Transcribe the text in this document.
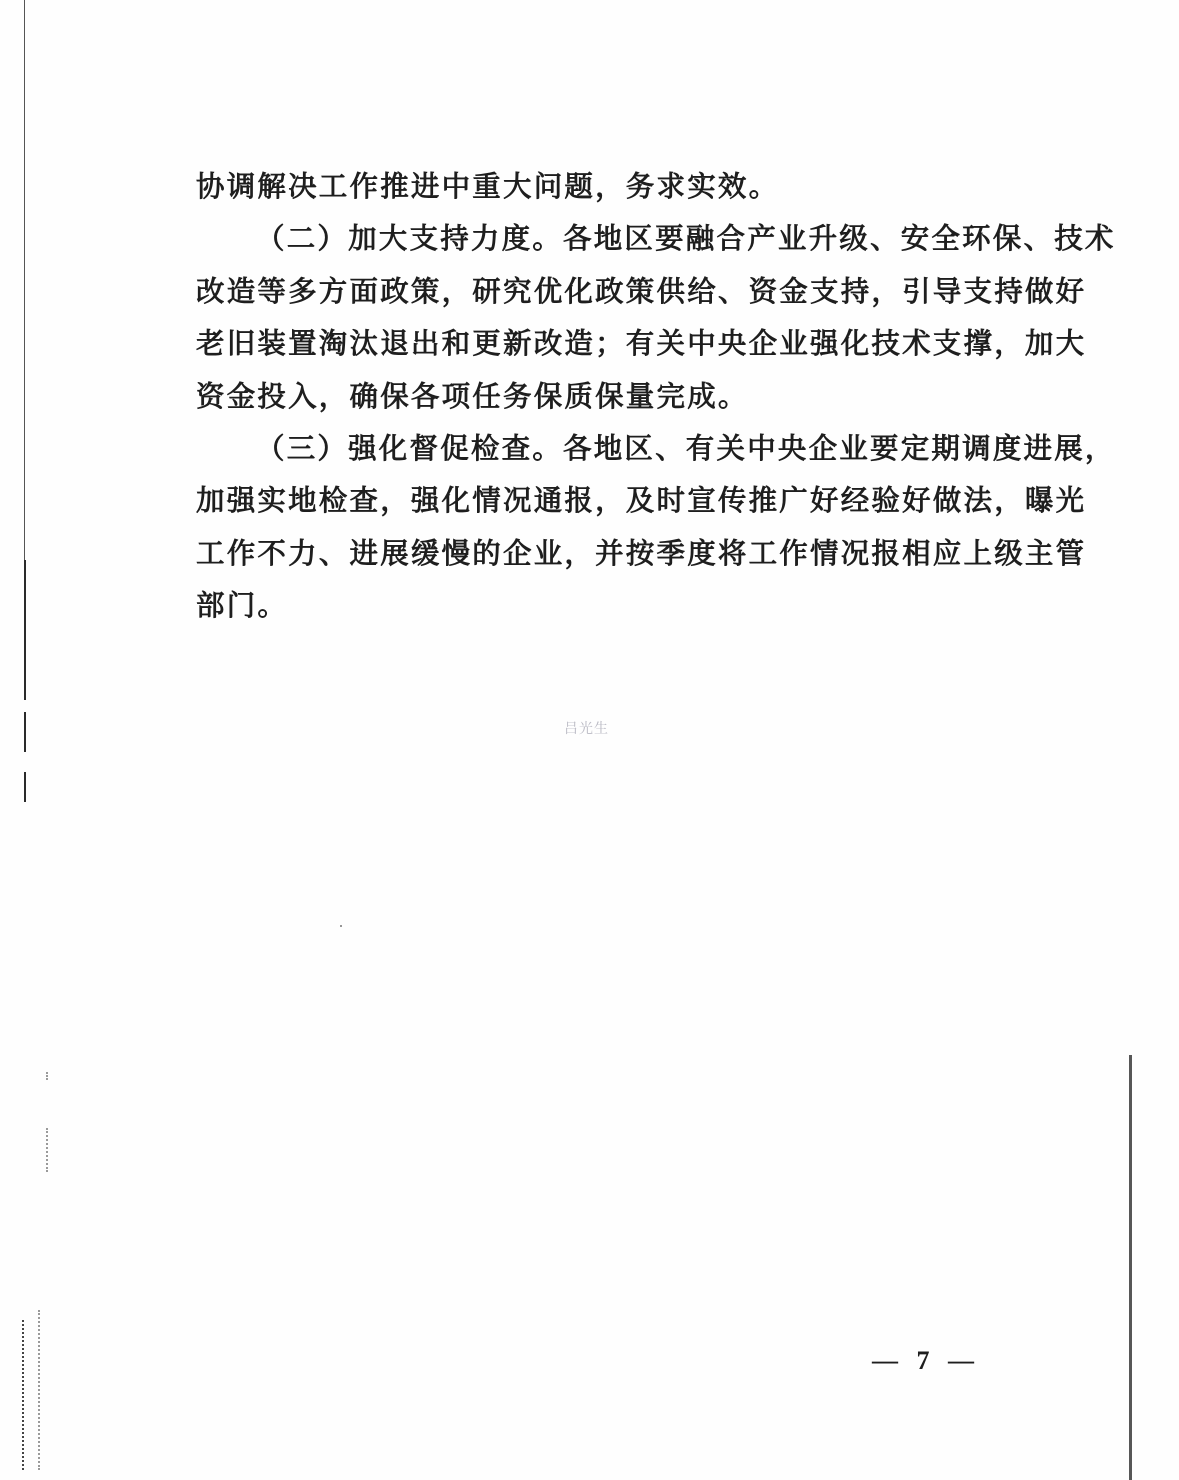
协调解决工作推进中重大问题，务求实效。
（二）加大支持力度。各地区要融合产业升级、安全环保、技术
改造等多方面政策，研究优化政策供给、资金支持，引导支持做好
老旧装置淘汰退出和更新改造；有关中央企业强化技术支撑，加大
资金投入，确保各项任务保质保量完成。
（三）强化督促检查。各地区、有关中央企业要定期调度进展，
加强实地检查，强化情况通报，及时宣传推广好经验好做法，曝光
工作不力、进展缓慢的企业，并按季度将工作情况报相应上级主管
部门。
吕光生
— 7 —
